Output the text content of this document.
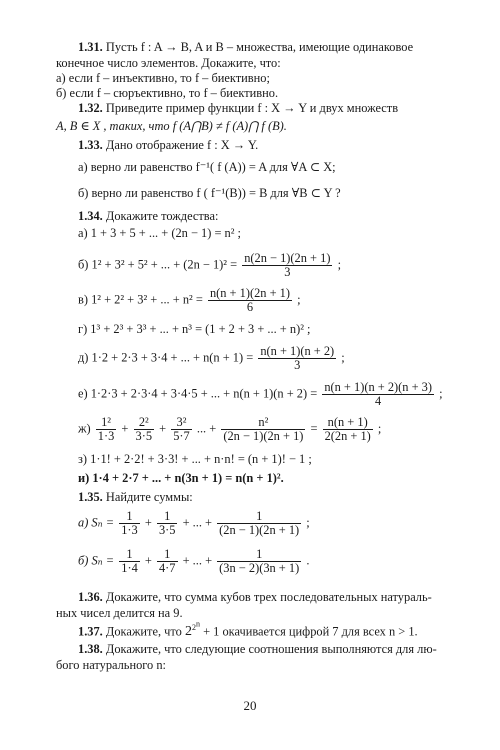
1.31. Пусть f : A → B, A и B – множества, имеющие одинаковое
конечное число элементов. Докажите, что:
а) если f – инъективно, то f – биективно;
б) если f – сюръективно, то f – биективно.
1.32. Приведите пример функции f : X → Y и двух множеств
A, B ∈ X , таких, что f (A⋂B) ≠ f (A)⋂ f (B).
1.33. Дано отображение f : X → Y.
а) верно ли равенство f⁻¹( f (A)) = A для ∀A ⊂ X;
б) верно ли равенство f ( f⁻¹(B)) = B для ∀B ⊂ Y ?
1.34. Докажите тождества:
а) 1 + 3 + 5 + ... + (2n − 1) = n² ;
б) 1² + 3² + 5² + ... + $(2n - 1)^2 = \frac{n(2n - 1)(2n + 1)}{3}$ ;
в) 1² + 2² + 3² + ... + $n^2 = \frac{n(n + 1)(2n + 1)}{6}$ ;
г) 1³ + 2³ + 3³ + ... + n³ = (1 + 2 + 3 + ... + n)² ;
д) 1·2 + 2·3 + 3·4 + ... + $n(n + 1) = \frac{n(n + 1)(n + 2)}{3}$ ;
е) 1·2·3 + 2·3·4 + 3·4·5 + ... + $n(n + 1)(n + 2) = \frac{n(n + 1)(n + 2)(n + 3)}{4}$ ;
$ж) \frac{\text{1²}}{1\cdot 3} + \frac{\text{2²}}{3\cdot 5} + \frac{\text{3²}}{5\cdot 7}$ ... + $\frac{\text{n²}}{(2n - 1)(2n + 1)} = \frac{n(n + 1)}{2(2n + 1)}$ ;
з) 1·1! + 2·2! + 3·3! + ... + n·n! = (n + 1)! − 1 ;
и) 1·4 + 2·7 + ... + n(3n + 1) = n(n + 1)².
1.35. Найдите суммы:
а) $S_n = \frac{1}{1\cdot 3} + \frac{1}{3\cdot 5}$ + ... + $\frac{1}{(2n - 1)(2n + 1)}$ ;
б) $S_n = \frac{1}{1\cdot 4} + \frac{1}{4\cdot 7}$ + ... + $\frac{1}{(3n - 2)(3n + 1)}$ .
1.36. Докажите, что сумма кубов трех последовательных натураль-
ных чисел делится на 9.
1.37. Докажите, что $2^{2^n} + 1$ окачивается цифрой 7 для всех n > 1.
1.38. Докажите, что следующие соотношения выполняются для лю-
бого натурального n:
20
